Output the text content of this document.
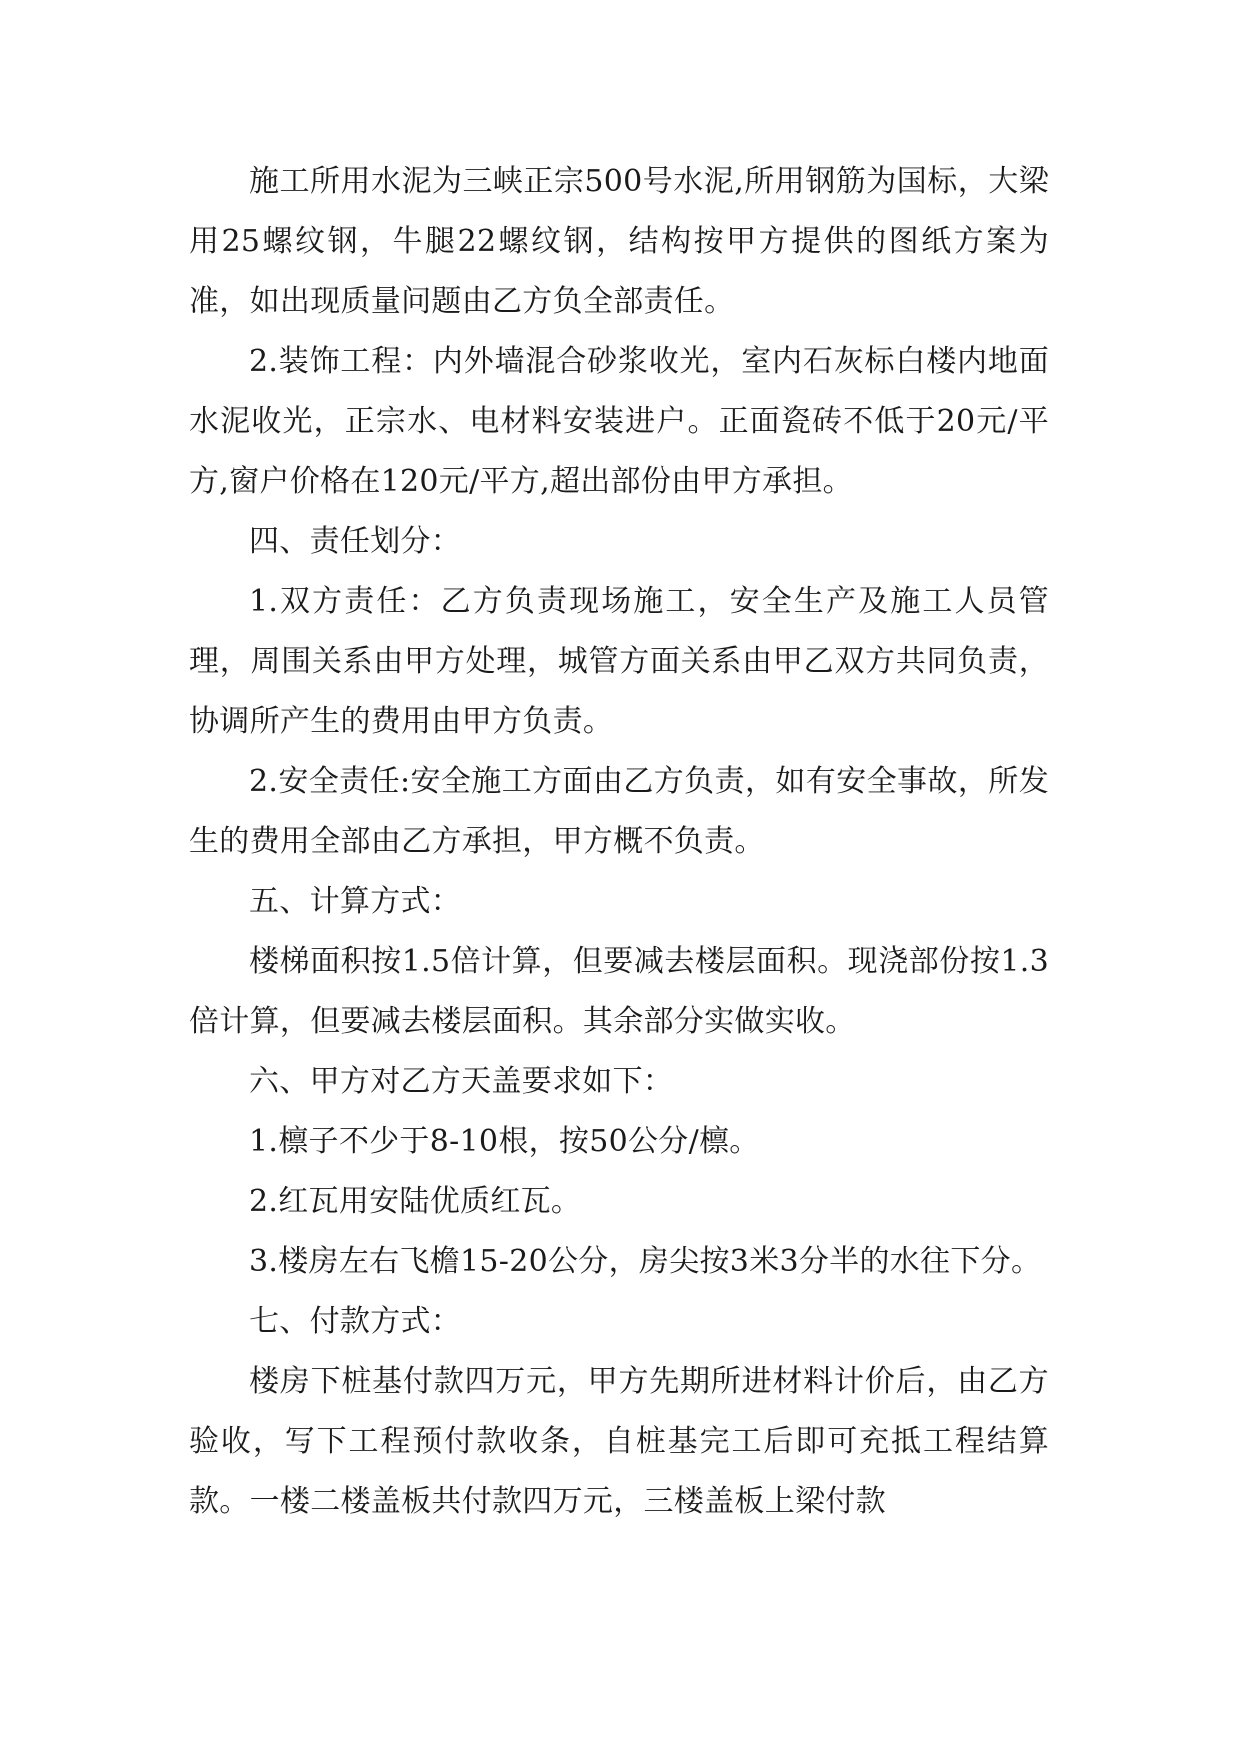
施工所用水泥为三峡正宗500号水泥,所用钢筋为国标，大梁用25螺纹钢，牛腿22螺纹钢，结构按甲方提供的图纸方案为准，如出现质量问题由乙方负全部责任。

2.装饰工程：内外墙混合砂浆收光，室内石灰标白楼内地面水泥收光，正宗水、电材料安装进户。正面瓷砖不低于20元/平方,窗户价格在120元/平方,超出部份由甲方承担。

四、责任划分：

1.双方责任：乙方负责现场施工，安全生产及施工人员管理，周围关系由甲方处理，城管方面关系由甲乙双方共同负责，协调所产生的费用由甲方负责。

2.安全责任:安全施工方面由乙方负责，如有安全事故，所发生的费用全部由乙方承担，甲方概不负责。

五、计算方式：

楼梯面积按1.5倍计算，但要减去楼层面积。现浇部份按1.3倍计算，但要减去楼层面积。其余部分实做实收。

六、甲方对乙方天盖要求如下：

1.檩子不少于8-10根，按50公分/檩。

2.红瓦用安陆优质红瓦。

3.楼房左右飞檐15-20公分，房尖按3米3分半的水往下分。

七、付款方式：

楼房下桩基付款四万元，甲方先期所进材料计价后，由乙方验收，写下工程预付款收条，自桩基完工后即可充抵工程结算款。一楼二楼盖板共付款四万元，三楼盖板上梁付款
